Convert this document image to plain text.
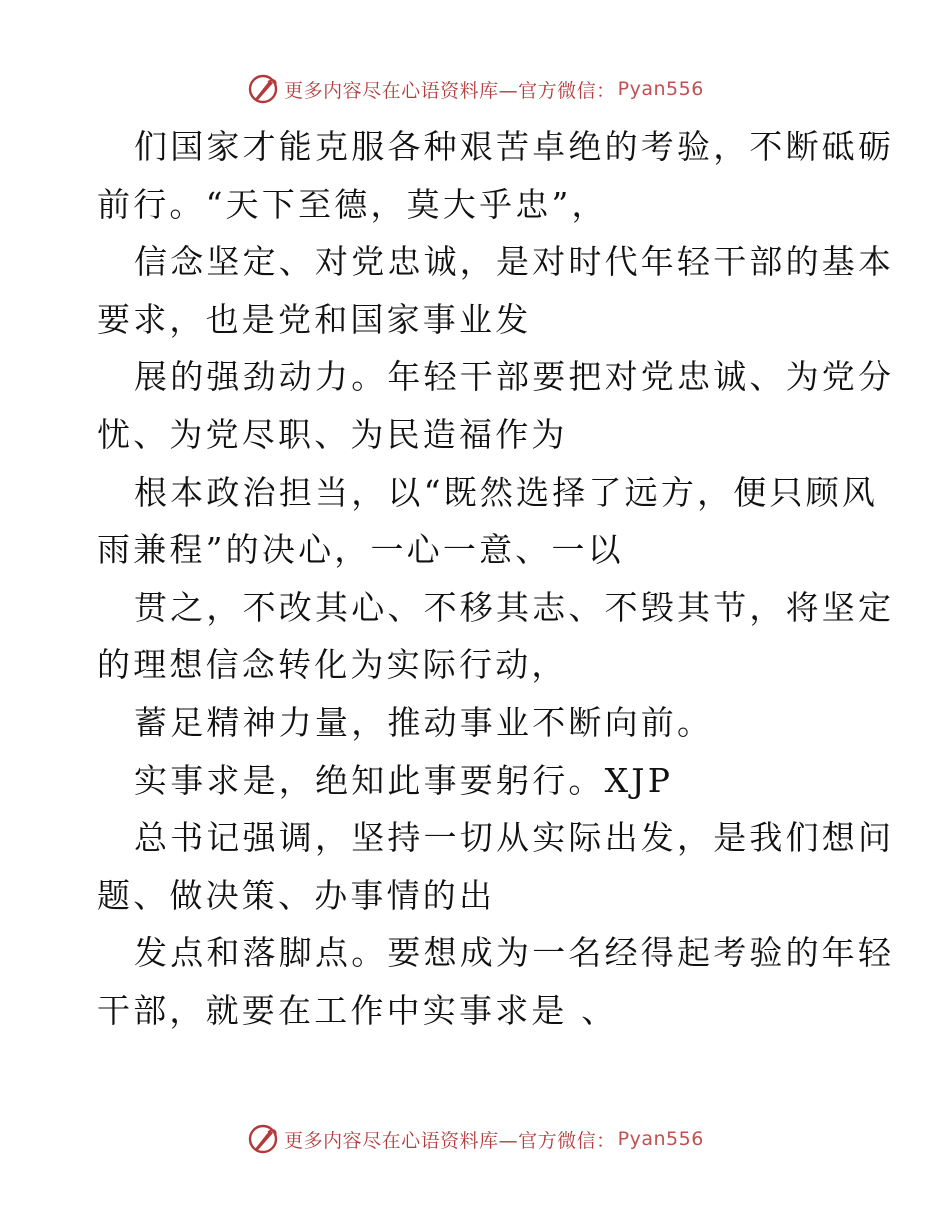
更多内容尽在心语资料库—官方微信： Pyan556
们国家才能克服各种艰苦卓绝的考验，不断砥砺
前行。“天下至德，莫大乎忠”，
信念坚定、对党忠诚，是对时代年轻干部的基本
要求，也是党和国家事业发
展的强劲动力。年轻干部要把对党忠诚、为党分
忧、为党尽职、为民造福作为
根本政治担当，以“既然选择了远方，便只顾风
雨兼程”的决心，一心一意、一以
贯之，不改其心、不移其志、不毁其节，将坚定
的理想信念转化为实际行动，
蓄足精神力量，推动事业不断向前。
实事求是，绝知此事要躬行。XJP
总书记强调，坚持一切从实际出发，是我们想问
题、做决策、办事情的出
发点和落脚点。要想成为一名经得起考验的年轻
干部，就要在工作中实事求是 、
更多内容尽在心语资料库—官方微信： Pyan556
